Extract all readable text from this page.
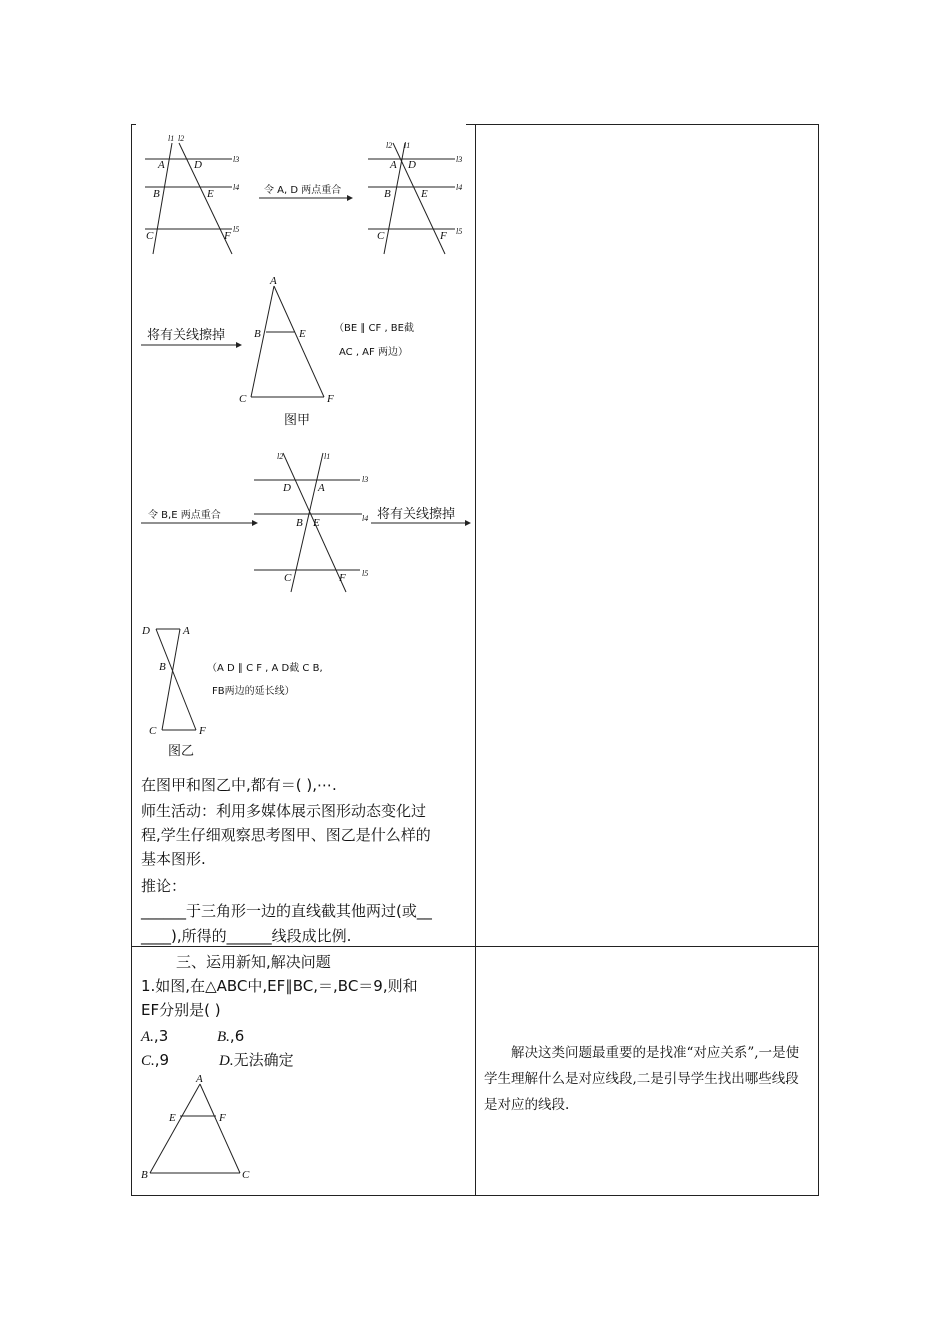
l1 l2
l3
l4
l5
A	D
B	E
C	F
令 A, D 两点重合
l2 l1
l3
l4
l5
A D
B	E
C	F
将有关线擦掉
A
B	E
C	F
（BE ∥ CF , BE截
AC , AF 两边）
图甲
令 B,E 两点重合
l2	l1
l3
l4
l5
D A
B E
C	F
将有关线擦掉
D	A
B
C	F
（A D ∥ C F , A D截 C B,
FB两边的延长线）
图乙
A
E	F
B	C
在图甲和图乙中,都有＝( ),⋯.
师生活动：利用多媒体展示图形动态变化过
程,学生仔细观察思考图甲、图乙是什么样的
基本图形.
推论：
______于三角形一边的直线截其他两过(或__
____),所得的______线段成比例.
三、运用新知,解决问题
1.如图,在△ABC中,EF∥BC,＝,BC＝9,则和
EF分别是( )
A.,3	B.,6
C.,9	D.无法确定	解决这类问题最重要的是找准“对应关系”,一是使学生理解什么是对应线段,二是引导学生找出哪些线段是对应的线段.
